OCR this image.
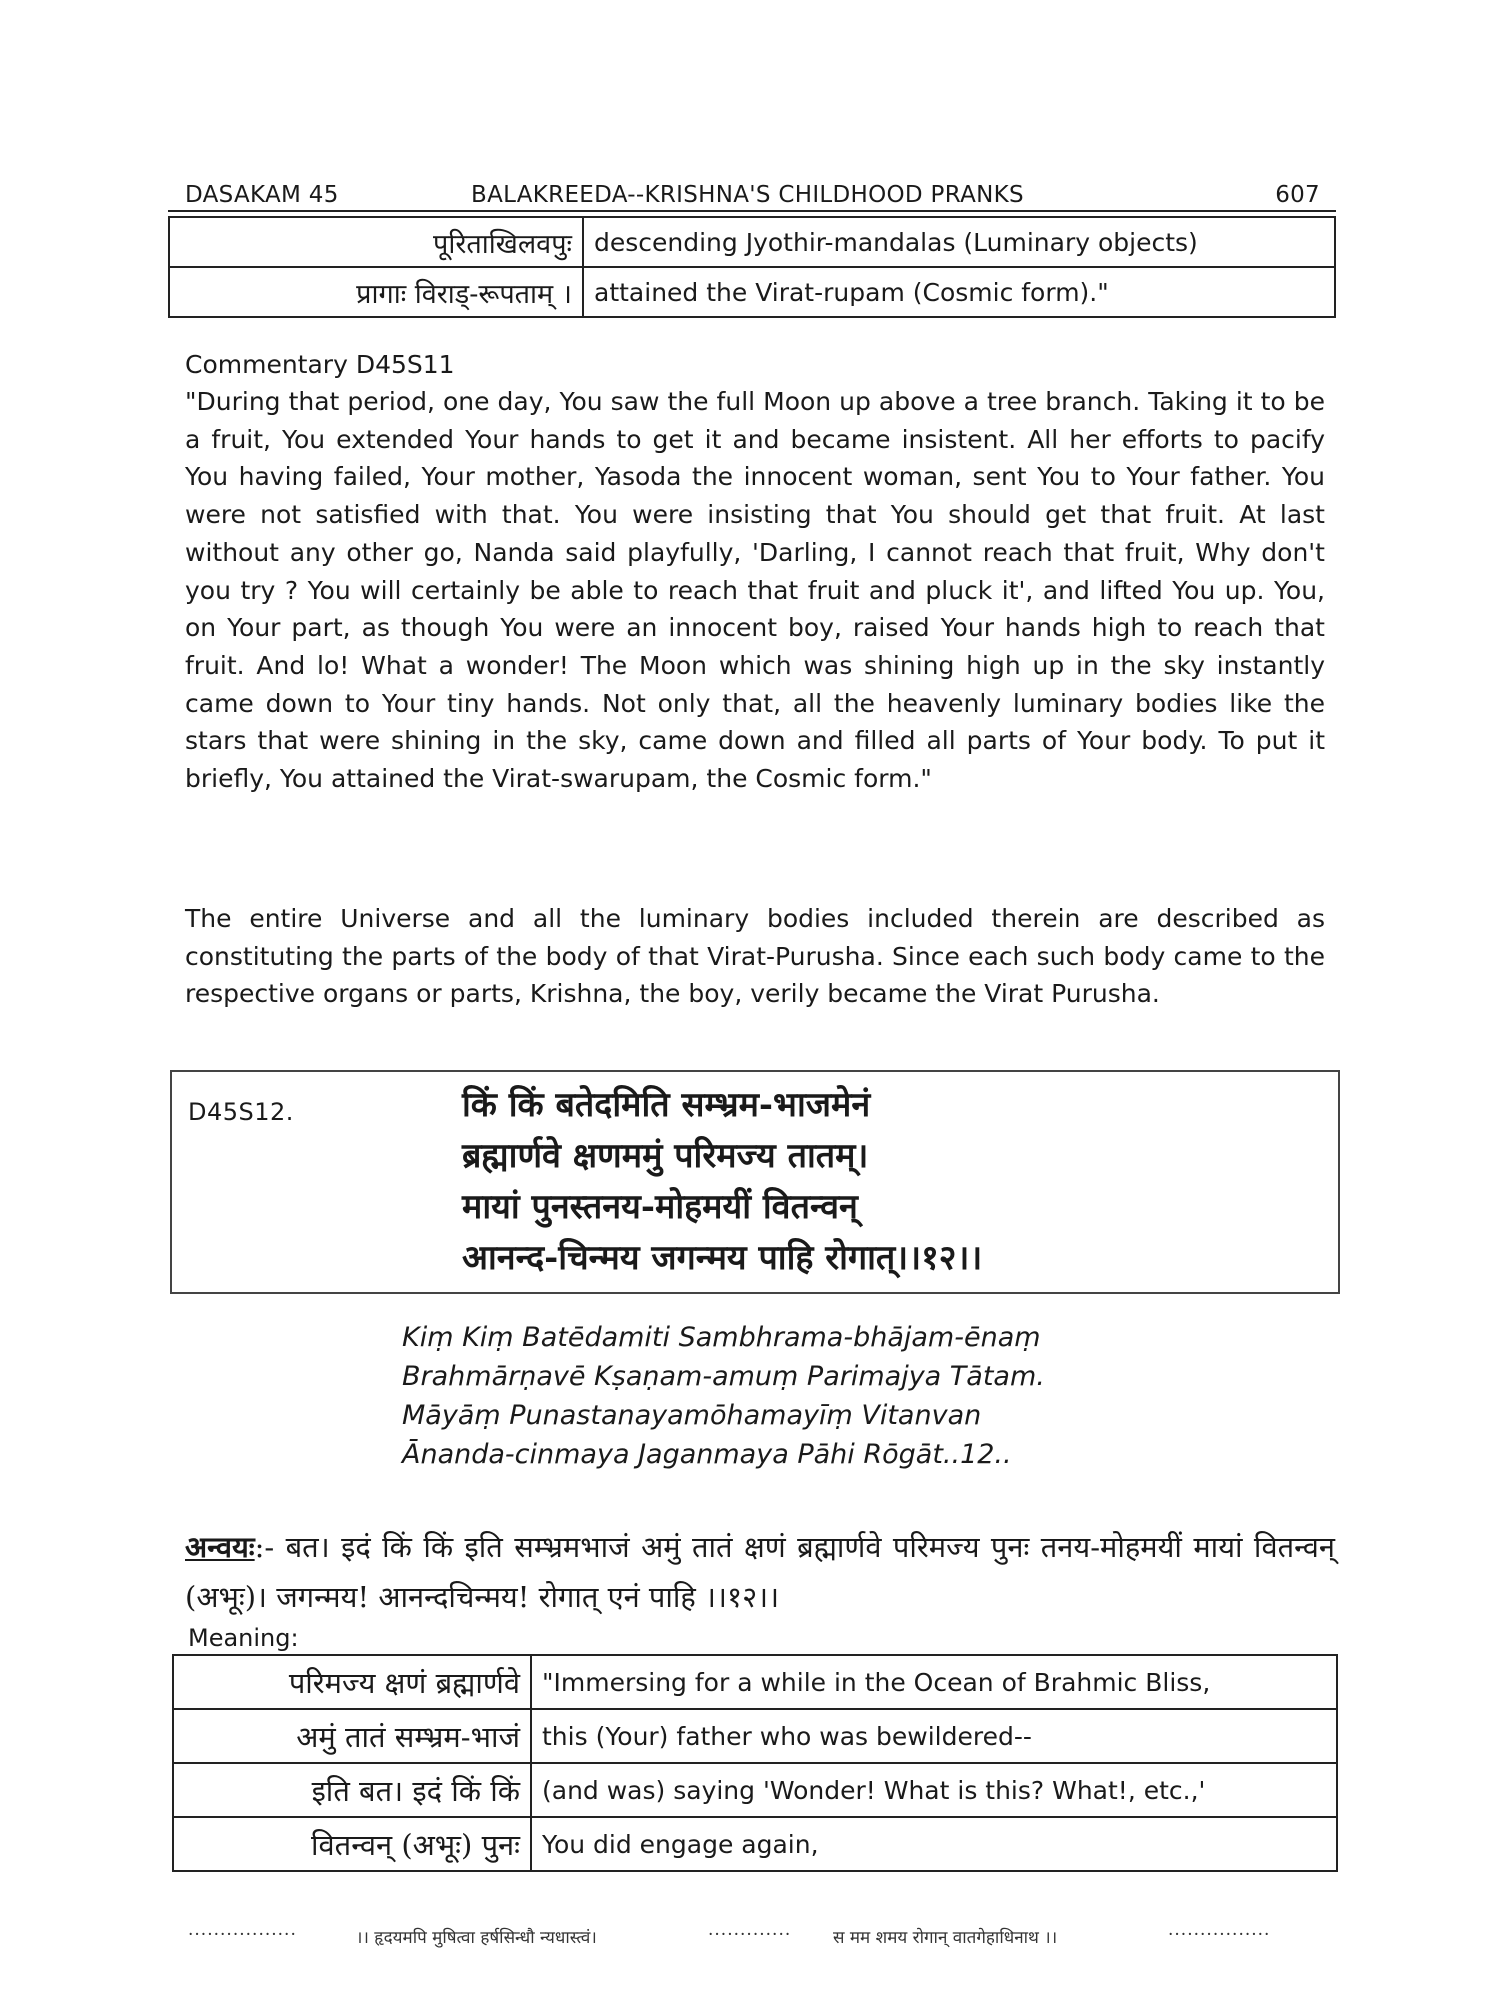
DASAKAM 45	BALAKREEDA--KRISHNA'S CHILDHOOD PRANKS	607
पूरिताखिलवपुः	descending Jyothir-mandalas (Luminary objects)
प्रागाः विराड्-रूपताम् ।	attained the Virat-rupam (Cosmic form)."

Commentary D45S11

"During that period, one day, You saw the full Moon up above a tree branch. Taking it to be a fruit, You extended Your hands to get it and became insistent. All her efforts to pacify You having failed, Your mother, Yasoda the innocent woman, sent You to Your father. You were not satisfied with that. You were insisting that You should get that fruit. At last without any other go, Nanda said playfully, 'Darling, I cannot reach that fruit, Why don't you try ? You will certainly be able to reach that fruit and pluck it', and lifted You up. You, on Your part, as though You were an innocent boy, raised Your hands high to reach that fruit. And lo! What a wonder! The Moon which was shining high up in the sky instantly came down to Your tiny hands. Not only that, all the heavenly luminary bodies like the stars that were shining in the sky, came down and filled all parts of Your body. To put it briefly, You attained the Virat-swarupam, the Cosmic form."

The entire Universe and all the luminary bodies included therein are described as constituting the parts of the body of that Virat-Purusha. Since each such body came to the respective organs or parts, Krishna, the boy, verily became the Virat Purusha.

D45S12.	किं किं बतेदमिति सम्भ्रम-भाजमेनं
ब्रह्मार्णवे क्षणममुं परिमज्य तातम्।
मायां पुनस्तनय-मोहमयीं वितन्वन्
आनन्द-चिन्मय जगन्मय पाहि रोगात्।।१२।।
Kiṃ Kiṃ Batēdamiti Sambhrama-bhājam-ēnaṃ
Brahmārṇavē Kṣaṇam-amuṃ Parimajya Tātam.
Māyāṃ Punastanayamōhamayīṃ Vitanvan
Ānanda-cinmaya Jaganmaya Pāhi Rōgāt..12..

अन्वयः:- बत। इदं किं किं इति सम्भ्रमभाजं अमुं तातं क्षणं ब्रह्मार्णवे परिमज्य पुनः तनय-मोहमयीं मायां वितन्वन् (अभूः)। जगन्मय! आनन्दचिन्मय! रोगात् एनं पाहि ।।१२।।

Meaning:

परिमज्य क्षणं ब्रह्मार्णवे	"Immersing for a while in the Ocean of Brahmic Bliss,
अमुं तातं सम्भ्रम-भाजं	this (Your) father who was bewildered--
इति बत। इदं किं किं	(and was) saying 'Wonder! What is this? What!, etc.,'
वितन्वन् (अभूः) पुनः	You did engage again,
·················	।। हृदयमपि मुषित्वा हर्षसिन्धौ न्यधास्त्वं।	············· स मम शमय रोगान् वातगेहाधिनाथ ।।	················
